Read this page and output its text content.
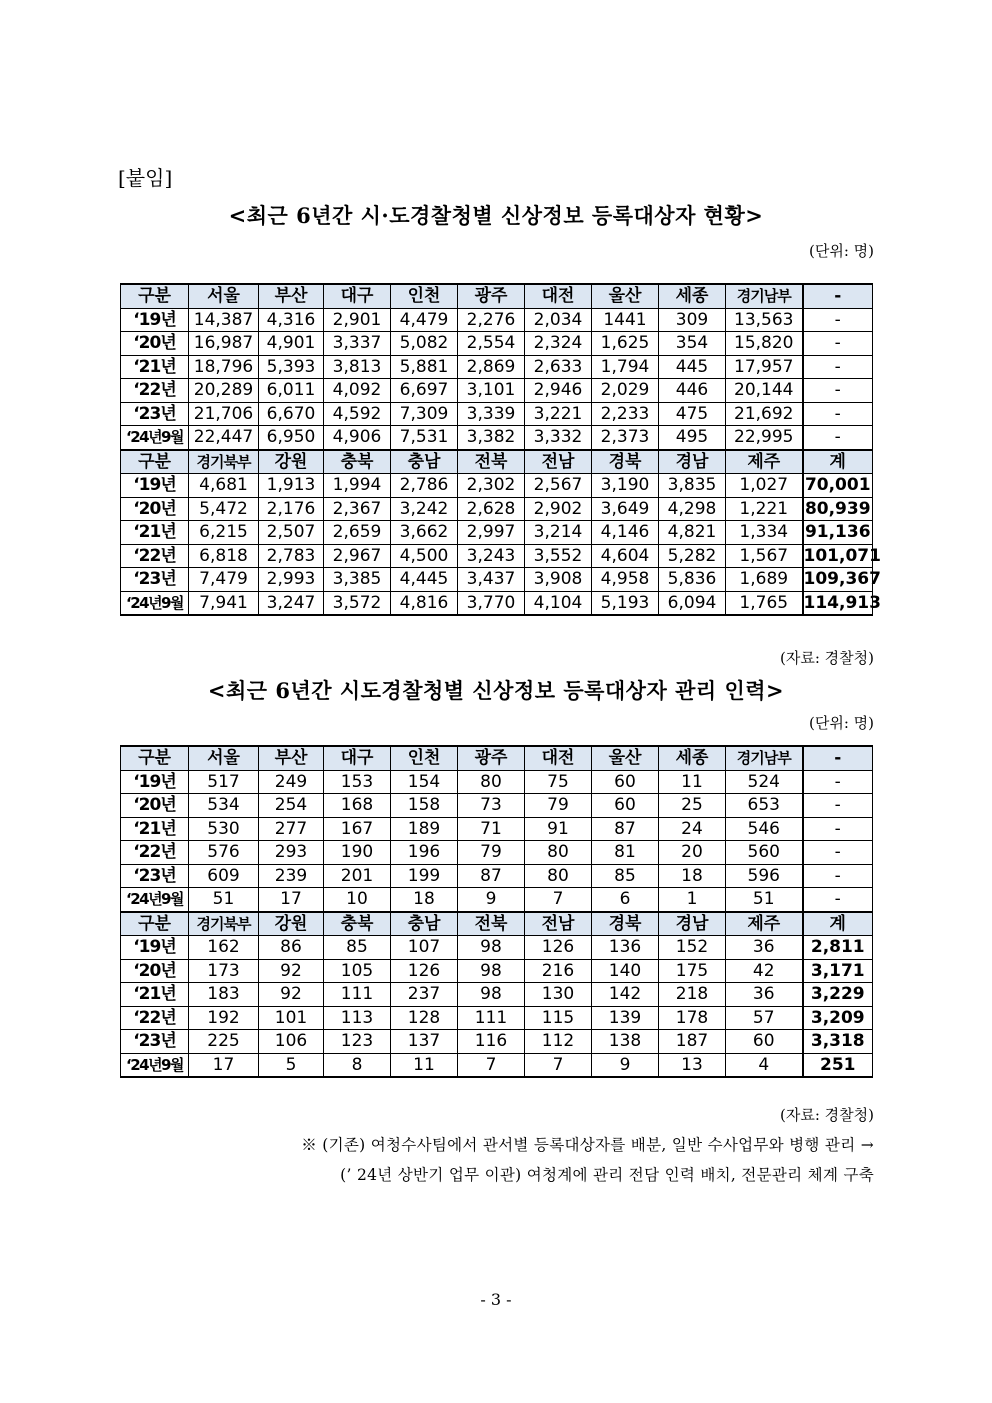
[붙임]
<최근 6년간 시·도경찰청별 신상정보 등록대상자 현황>
(단위: 명)
구분	서울	부산	대구	인천	광주	대전	울산	세종	경기남부	-
‘19년	14,387	4,316	2,901	4,479	2,276	2,034	1441	309	13,563	-
‘20년	16,987	4,901	3,337	5,082	2,554	2,324	1,625	354	15,820	-
‘21년	18,796	5,393	3,813	5,881	2,869	2,633	1,794	445	17,957	-
‘22년	20,289	6,011	4,092	6,697	3,101	2,946	2,029	446	20,144	-
‘23년	21,706	6,670	4,592	7,309	3,339	3,221	2,233	475	21,692	-
‘24년9월	22,447	6,950	4,906	7,531	3,382	3,332	2,373	495	22,995	-
구분	경기북부	강원	충북	충남	전북	전남	경북	경남	제주	계
‘19년	4,681	1,913	1,994	2,786	2,302	2,567	3,190	3,835	1,027	70,001
‘20년	5,472	2,176	2,367	3,242	2,628	2,902	3,649	4,298	1,221	80,939
‘21년	6,215	2,507	2,659	3,662	2,997	3,214	4,146	4,821	1,334	91,136
‘22년	6,818	2,783	2,967	4,500	3,243	3,552	4,604	5,282	1,567	101,071
‘23년	7,479	2,993	3,385	4,445	3,437	3,908	4,958	5,836	1,689	109,367
‘24년9월	7,941	3,247	3,572	4,816	3,770	4,104	5,193	6,094	1,765	114,913
(자료: 경찰청)
<최근 6년간 시도경찰청별 신상정보 등록대상자 관리 인력>
(단위: 명)
구분	서울	부산	대구	인천	광주	대전	울산	세종	경기남부	-
‘19년	517	249	153	154	80	75	60	11	524	-
‘20년	534	254	168	158	73	79	60	25	653	-
‘21년	530	277	167	189	71	91	87	24	546	-
‘22년	576	293	190	196	79	80	81	20	560	-
‘23년	609	239	201	199	87	80	85	18	596	-
‘24년9월	51	17	10	18	9	7	6	1	51	-
구분	경기북부	강원	충북	충남	전북	전남	경북	경남	제주	계
‘19년	162	86	85	107	98	126	136	152	36	2,811
‘20년	173	92	105	126	98	216	140	175	42	3,171
‘21년	183	92	111	237	98	130	142	218	36	3,229
‘22년	192	101	113	128	111	115	139	178	57	3,209
‘23년	225	106	123	137	116	112	138	187	60	3,318
‘24년9월	17	5	8	11	7	7	9	13	4	251
(자료: 경찰청)
※ (기존) 여청수사팀에서 관서별 등록대상자를 배분, 일반 수사업무와 병행 관리 →
(’ 24년 상반기 업무 이관) 여청계에 관리 전담 인력 배치, 전문관리 체계 구축
- 3 -
